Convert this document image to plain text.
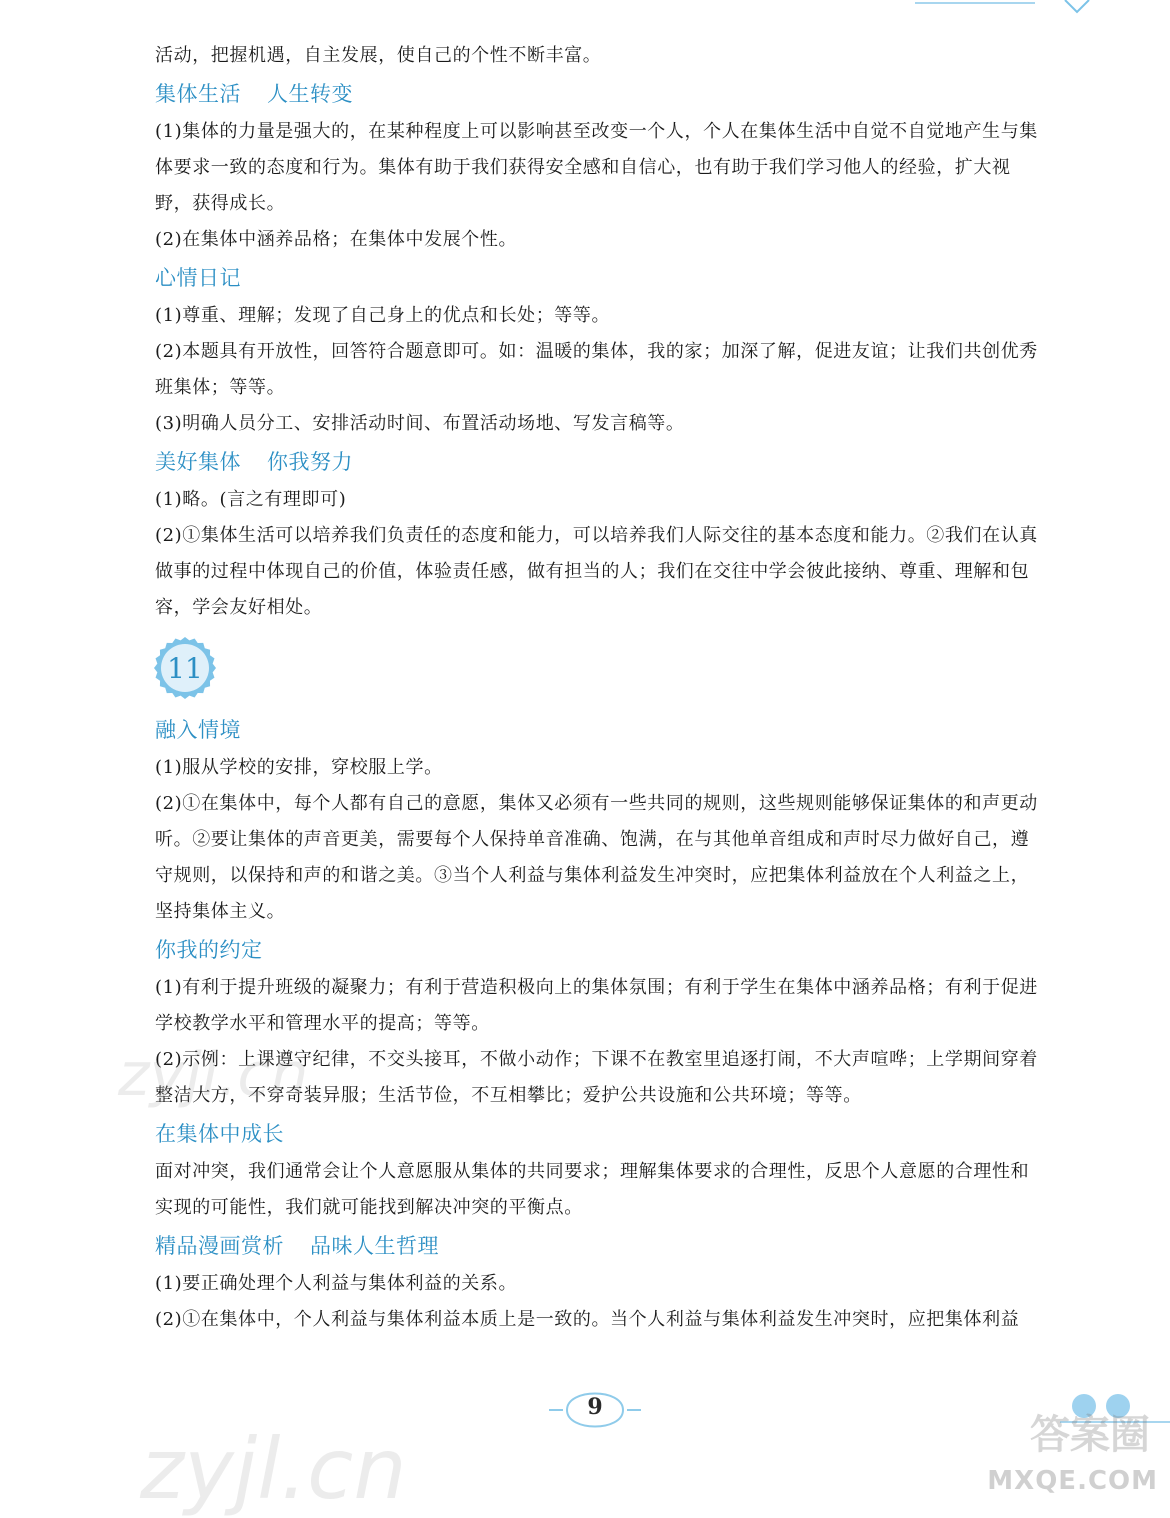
活动，把握机遇，自主发展，使自己的个性不断丰富。

集体生活 人生转变

(1)集体的力量是强大的，在某种程度上可以影响甚至改变一个人，个人在集体生活中自觉不自觉地产生与集体要求一致的态度和行为。集体有助于我们获得安全感和自信心，也有助于我们学习他人的经验，扩大视野，获得成长。

(2)在集体中涵养品格；在集体中发展个性。

心情日记

(1)尊重、理解；发现了自己身上的优点和长处；等等。

(2)本题具有开放性，回答符合题意即可。如：温暖的集体，我的家；加深了解，促进友谊；让我们共创优秀班集体；等等。

(3)明确人员分工、安排活动时间、布置活动场地、写发言稿等。

美好集体 你我努力

(1)略。(言之有理即可)

(2)①集体生活可以培养我们负责任的态度和能力，可以培养我们人际交往的基本态度和能力。②我们在认真做事的过程中体现自己的价值，体验责任感，做有担当的人；我们在交往中学会彼此接纳、尊重、理解和包容，学会友好相处。

11
融入情境

(1)服从学校的安排，穿校服上学。

(2)①在集体中，每个人都有自己的意愿，集体又必须有一些共同的规则，这些规则能够保证集体的和声更动听。②要让集体的声音更美，需要每个人保持单音准确、饱满，在与其他单音组成和声时尽力做好自己，遵守规则，以保持和声的和谐之美。③当个人利益与集体利益发生冲突时，应把集体利益放在个人利益之上，坚持集体主义。

你我的约定

(1)有利于提升班级的凝聚力；有利于营造积极向上的集体氛围；有利于学生在集体中涵养品格；有利于促进学校教学水平和管理水平的提高；等等。

(2)示例：上课遵守纪律，不交头接耳，不做小动作；下课不在教室里追逐打闹，不大声喧哗；上学期间穿着整洁大方，不穿奇装异服；生活节俭，不互相攀比；爱护公共设施和公共环境；等等。

在集体中成长

面对冲突，我们通常会让个人意愿服从集体的共同要求；理解集体要求的合理性，反思个人意愿的合理性和实现的可能性，我们就可能找到解决冲突的平衡点。

精品漫画赏析 品味人生哲理

(1)要正确处理个人利益与集体利益的关系。

(2)①在集体中，个人利益与集体利益本质上是一致的。当个人利益与集体利益发生冲突时，应把集体利益

zyjl.cn
zyjl.cn
9
答案圈
MXQE.COM
